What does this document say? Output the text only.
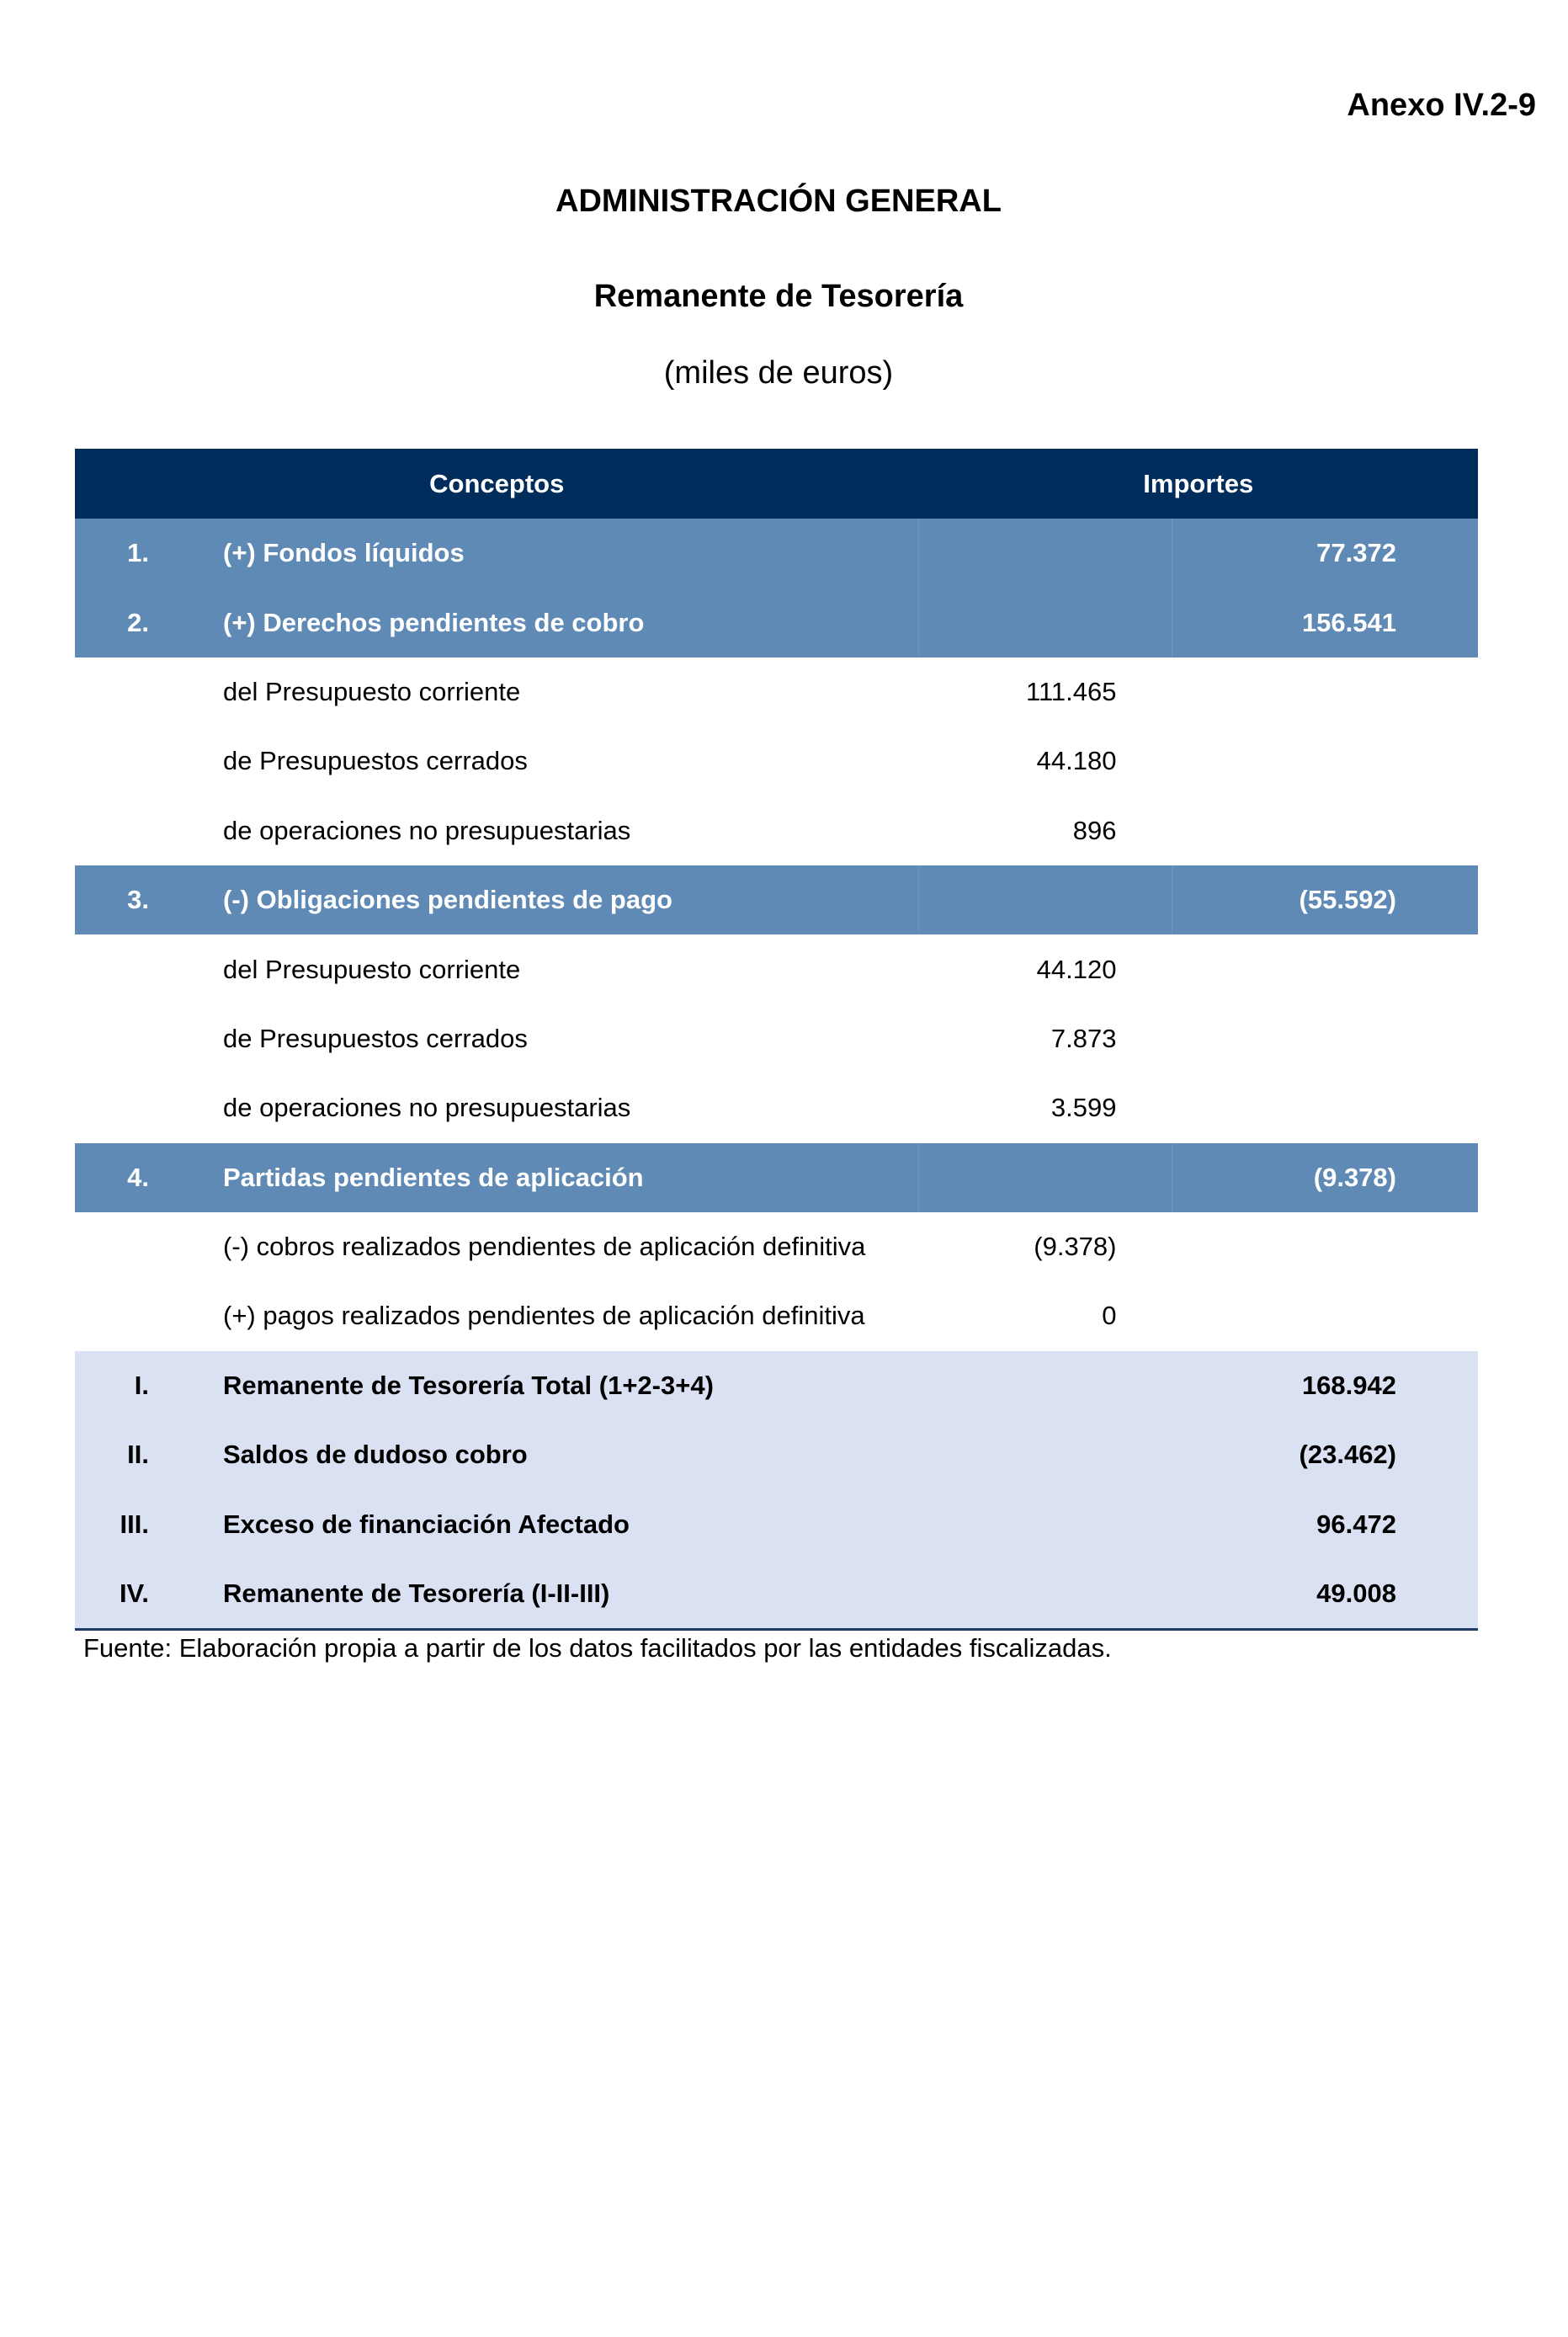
Anexo IV.2-9
ADMINISTRACIÓN GENERAL
Remanente de Tesorería
(miles de euros)
Conceptos		Importes	
1.	(+) Fondos líquidos		77.372
2.	(+) Derechos pendientes de cobro		156.541
	del Presupuesto corriente	111.465	
	de Presupuestos cerrados	44.180	
	de operaciones no presupuestarias	896	
3.	(-) Obligaciones pendientes de pago		(55.592)
	del Presupuesto corriente	44.120	
	de Presupuestos cerrados	7.873	
	de operaciones no presupuestarias	3.599	
4.	Partidas pendientes de aplicación		(9.378)
	(-) cobros realizados pendientes de aplicación definitiva	(9.378)	
	(+) pagos realizados pendientes de aplicación definitiva	0	
I.	Remanente de Tesorería Total (1+2-3+4)		168.942
II.	Saldos de dudoso cobro		(23.462)
III.	Exceso de financiación Afectado		96.472
IV.	Remanente de Tesorería (I-II-III)		49.008
Fuente: Elaboración propia a partir de los datos facilitados por las entidades fiscalizadas.
